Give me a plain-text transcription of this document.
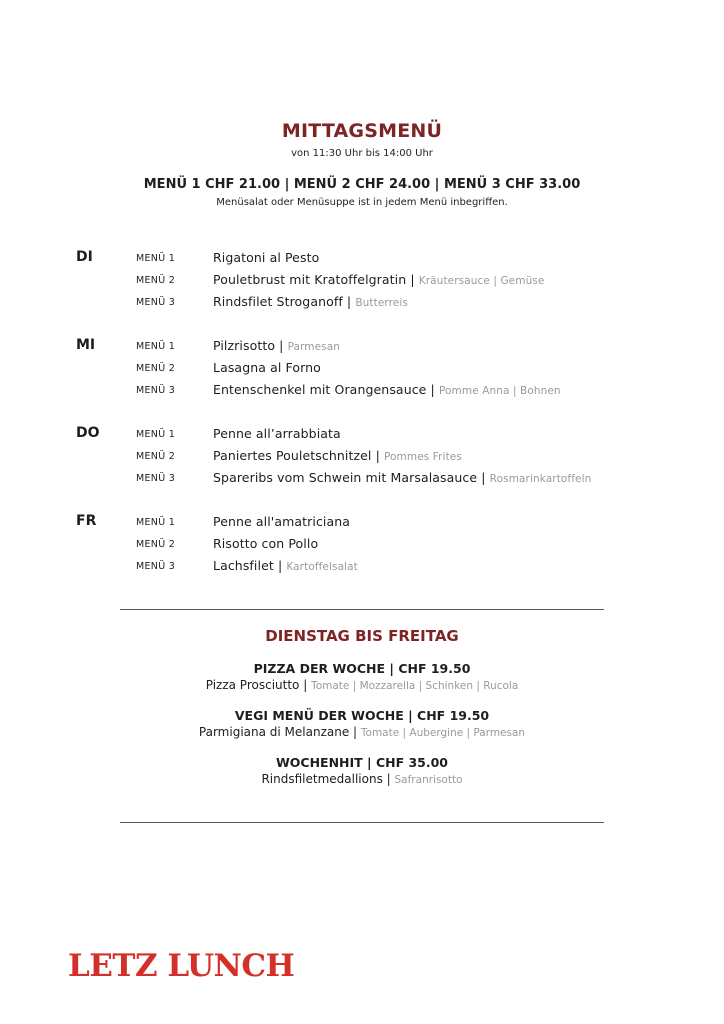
MITTAGSMENÜ
von 11:30 Uhr bis 14:00 Uhr
MENÜ 1 CHF 21.00 | MENÜ 2 CHF 24.00 | MENÜ 3 CHF 33.00
Menüsalat oder Menüsuppe ist in jedem Menü inbegriffen.
DI	MENÜ 1	Rigatoni al Pesto
MENÜ 2	Pouletbrust mit Kratoffelgratin | Kräutersauce | Gemüse
MENÜ 3	Rindsfilet Stroganoff | Butterreis
MI	MENÜ 1	Pilzrisotto | Parmesan
MENÜ 2	Lasagna al Forno
MENÜ 3	Entenschenkel mit Orangensauce | Pomme Anna | Bohnen
DO	MENÜ 1	Penne all’arrabbiata
MENÜ 2	Paniertes Pouletschnitzel | Pommes Frites
MENÜ 3	Spareribs vom Schwein mit Marsalasauce | Rosmarinkartoffeln
FR	MENÜ 1	Penne all'amatriciana
MENÜ 2	Risotto con Pollo
MENÜ 3	Lachsfilet | Kartoffelsalat
DIENSTAG BIS FREITAG
PIZZA DER WOCHE | CHF 19.50
Pizza Prosciutto | Tomate | Mozzarella | Schinken | Rucola
VEGI MENÜ DER WOCHE | CHF 19.50
Parmigiana di Melanzane | Tomate | Aubergine | Parmesan
WOCHENHIT | CHF 35.00
Rindsfiletmedallions | Safranrisotto
LETZ LUNCH
